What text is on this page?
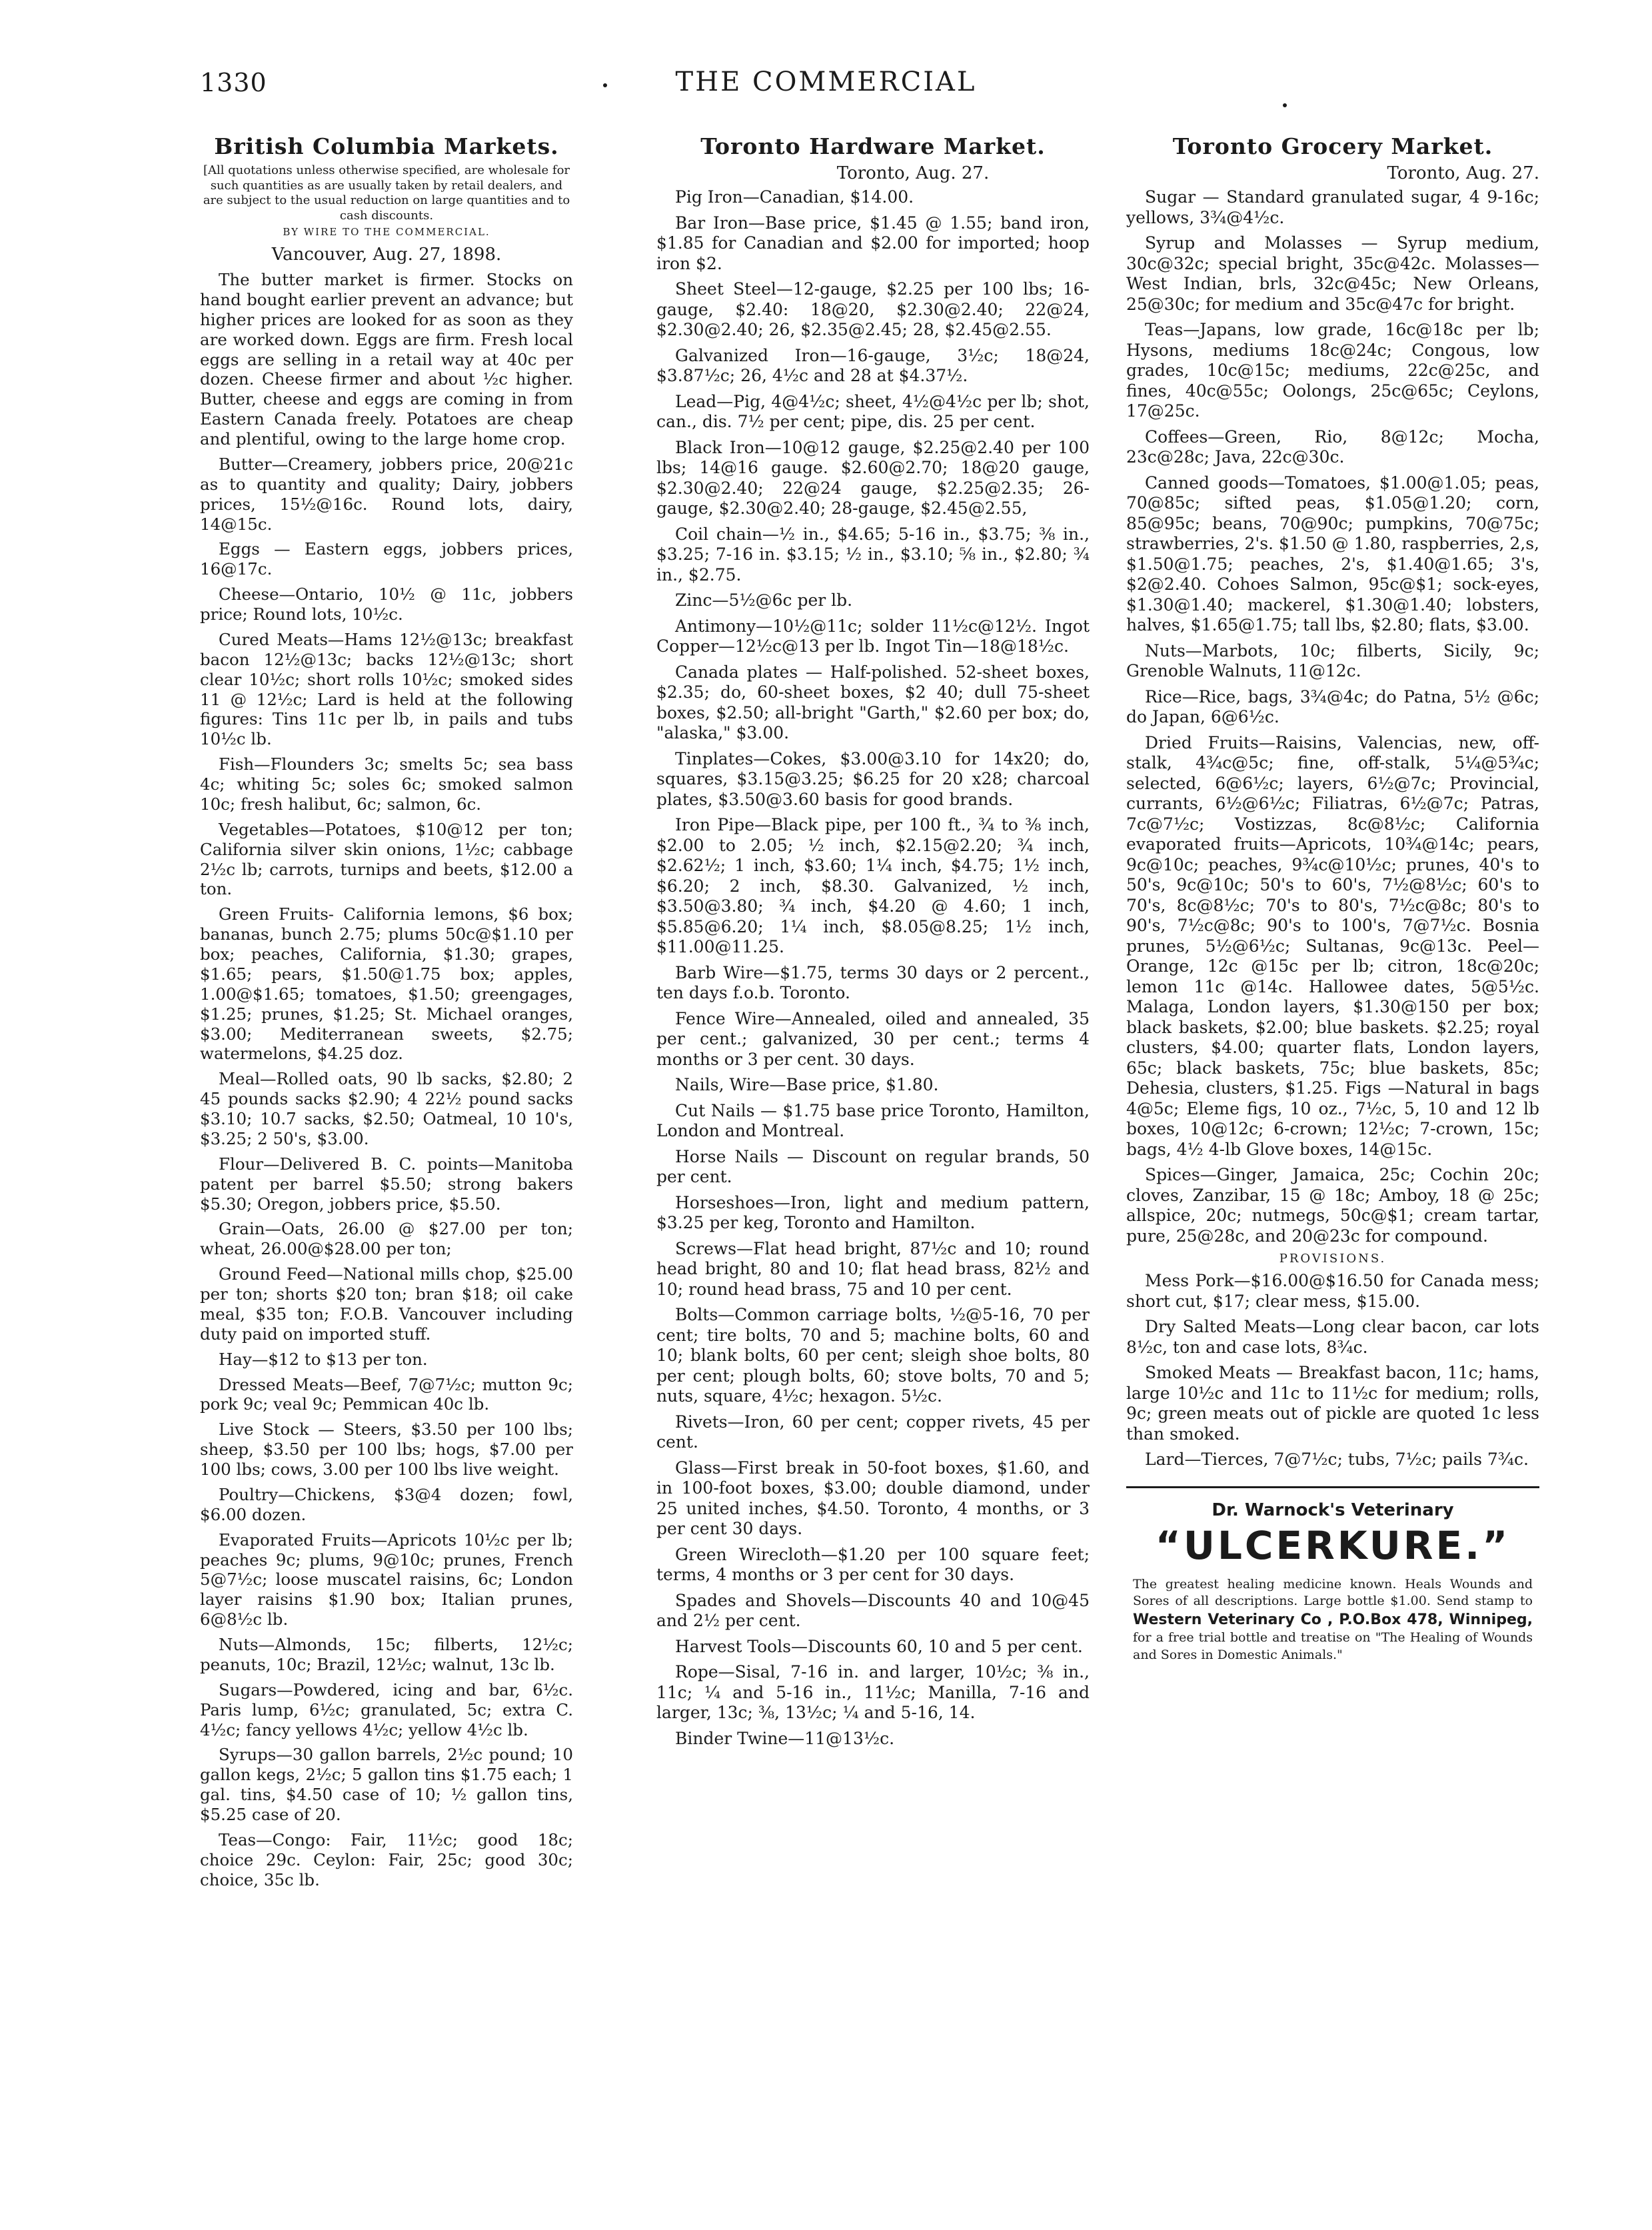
1330	THE COMMERCIAL
British Columbia Markets.
[All quotations unless otherwise specified, are wholesale for such quantities as are usually taken by retail dealers, and are subject to the usual reduction on large quantities and to cash discounts.
BY WIRE TO THE COMMERCIAL.
Vancouver, Aug. 27, 1898.

The butter market is firmer. Stocks on hand bought earlier prevent an advance; but higher prices are looked for as soon as they are worked down. Eggs are firm. Fresh local eggs are selling in a retail way at 40c per dozen. Cheese firmer and about ½c higher. Butter, cheese and eggs are coming in from Eastern Canada freely. Potatoes are cheap and plentiful, owing to the large home crop.

Butter—Creamery, jobbers price, 20@21c as to quantity and quality; Dairy, jobbers prices, 15½@16c. Round lots, dairy, 14@15c.

Eggs — Eastern eggs, jobbers prices, 16@17c.

Cheese—Ontario, 10½ @ 11c, jobbers price; Round lots, 10½c.

Cured Meats—Hams 12½@13c; breakfast bacon 12½@13c; backs 12½@13c; short clear 10½c; short rolls 10½c; smoked sides 11 @ 12½c; Lard is held at the following figures: Tins 11c per lb, in pails and tubs 10½c lb.

Fish—Flounders 3c; smelts 5c; sea bass 4c; whiting 5c; soles 6c; smoked salmon 10c; fresh halibut, 6c; salmon, 6c.

Vegetables—Potatoes, $10@12 per ton; California silver skin onions, 1½c; cabbage 2½c lb; carrots, turnips and beets, $12.00 a ton.

Green Fruits- California lemons, $6 box; bananas, bunch 2.75; plums 50c@$1.10 per box; peaches, California, $1.30; grapes, $1.65; pears, $1.50@1.75 box; apples, 1.00@$1.65; tomatoes, $1.50; greengages, $1.25; prunes, $1.25; St. Michael oranges, $3.00; Mediterranean sweets, $2.75; watermelons, $4.25 doz.

Meal—Rolled oats, 90 lb sacks, $2.80; 2 45 pounds sacks $2.90; 4 22½ pound sacks $3.10; 10.7 sacks, $2.50; Oatmeal, 10 10's, $3.25; 2 50's, $3.00.

Flour—Delivered B. C. points—Manitoba patent per barrel $5.50; strong bakers $5.30; Oregon, jobbers price, $5.50.

Grain—Oats, 26.00 @ $27.00 per ton; wheat, 26.00@$28.00 per ton;

Ground Feed—National mills chop, $25.00 per ton; shorts $20 ton; bran $18; oil cake meal, $35 ton; F.O.B. Vancouver including duty paid on imported stuff.

Hay—$12 to $13 per ton.

Dressed Meats—Beef, 7@7½c; mutton 9c; pork 9c; veal 9c; Pemmican 40c lb.

Live Stock — Steers, $3.50 per 100 lbs; sheep, $3.50 per 100 lbs; hogs, $7.00 per 100 lbs; cows, 3.00 per 100 lbs live weight.

Poultry—Chickens, $3@4 dozen; fowl, $6.00 dozen.

Evaporated Fruits—Apricots 10½c per lb; peaches 9c; plums, 9@10c; prunes, French 5@7½c; loose muscatel raisins, 6c; London layer raisins $1.90 box; Italian prunes, 6@8½c lb.

Nuts—Almonds, 15c; filberts, 12½c; peanuts, 10c; Brazil, 12½c; walnut, 13c lb.

Sugars—Powdered, icing and bar, 6½c. Paris lump, 6½c; granulated, 5c; extra C. 4½c; fancy yellows 4½c; yellow 4½c lb.

Syrups—30 gallon barrels, 2½c pound; 10 gallon kegs, 2½c; 5 gallon tins $1.75 each; 1 gal. tins, $4.50 case of 10; ½ gallon tins, $5.25 case of 20.

Teas—Congo: Fair, 11½c; good 18c; choice 29c. Ceylon: Fair, 25c; good 30c; choice, 35c lb.

Toronto Hardware Market.
Toronto, Aug. 27.

Pig Iron—Canadian, $14.00.

Bar Iron—Base price, $1.45 @ 1.55; band iron, $1.85 for Canadian and $2.00 for imported; hoop iron $2.

Sheet Steel—12-gauge, $2.25 per 100 lbs; 16-gauge, $2.40: 18@20, $2.30@2.40; 22@24, $2.30@2.40; 26, $2.35@2.45; 28, $2.45@2.55.

Galvanized Iron—16-gauge, 3½c; 18@24, $3.87½c; 26, 4½c and 28 at $4.37½.

Lead—Pig, 4@4½c; sheet, 4½@4½c per lb; shot, can., dis. 7½ per cent; pipe, dis. 25 per cent.

Black Iron—10@12 gauge, $2.25@2.40 per 100 lbs; 14@16 gauge. $2.60@2.70; 18@20 gauge, $2.30@2.40; 22@24 gauge, $2.25@2.35; 26-gauge, $2.30@2.40; 28-gauge, $2.45@2.55,

Coil chain—½ in., $4.65; 5-16 in., $3.75; ⅜ in., $3.25; 7-16 in. $3.15; ½ in., $3.10; ⅝ in., $2.80; ¾ in., $2.75.

Zinc—5½@6c per lb.

Antimony—10½@11c; solder 11½c@12½. Ingot Copper—12½c@13 per lb. Ingot Tin—18@18½c.

Canada plates — Half-polished. 52-sheet boxes, $2.35; do, 60-sheet boxes, $2 40; dull 75-sheet boxes, $2.50; all-bright "Garth," $2.60 per box; do, "alaska," $3.00.

Tinplates—Cokes, $3.00@3.10 for 14x20; do, squares, $3.15@3.25; $6.25 for 20 x28; charcoal plates, $3.50@3.60 basis for good brands.

Iron Pipe—Black pipe, per 100 ft., ¾ to ⅜ inch, $2.00 to 2.05; ½ inch, $2.15@2.20; ¾ inch, $2.62½; 1 inch, $3.60; 1¼ inch, $4.75; 1½ inch, $6.20; 2 inch, $8.30. Galvanized, ½ inch, $3.50@3.80; ¾ inch, $4.20 @ 4.60; 1 inch, $5.85@6.20; 1¼ inch, $8.05@8.25; 1½ inch, $11.00@11.25.

Barb Wire—$1.75, terms 30 days or 2 percent., ten days f.o.b. Toronto.

Fence Wire—Annealed, oiled and annealed, 35 per cent.; galvanized, 30 per cent.; terms 4 months or 3 per cent. 30 days.

Nails, Wire—Base price, $1.80.

Cut Nails — $1.75 base price Toronto, Hamilton, London and Montreal.

Horse Nails — Discount on regular brands, 50 per cent.

Horseshoes—Iron, light and medium pattern, $3.25 per keg, Toronto and Hamilton.

Screws—Flat head bright, 87½c and 10; round head bright, 80 and 10; flat head brass, 82½ and 10; round head brass, 75 and 10 per cent.

Bolts—Common carriage bolts, ½@5-16, 70 per cent; tire bolts, 70 and 5; machine bolts, 60 and 10; blank bolts, 60 per cent; sleigh shoe bolts, 80 per cent; plough bolts, 60; stove bolts, 70 and 5; nuts, square, 4½c; hexagon. 5½c.

Rivets—Iron, 60 per cent; copper rivets, 45 per cent.

Glass—First break in 50-foot boxes, $1.60, and in 100-foot boxes, $3.00; double diamond, under 25 united inches, $4.50. Toronto, 4 months, or 3 per cent 30 days.

Green Wirecloth—$1.20 per 100 square feet; terms, 4 months or 3 per cent for 30 days.

Spades and Shovels—Discounts 40 and 10@45 and 2½ per cent.

Harvest Tools—Discounts 60, 10 and 5 per cent.

Rope—Sisal, 7-16 in. and larger, 10½c; ⅜ in., 11c; ¼ and 5-16 in., 11½c; Manilla, 7-16 and larger, 13c; ⅜, 13½c; ¼ and 5-16, 14.

Binder Twine—11@13½c.

Toronto Grocery Market.
Toronto, Aug. 27.

Sugar — Standard granulated sugar, 4 9-16c; yellows, 3¾@4½c.

Syrup and Molasses — Syrup medium, 30c@32c; special bright, 35c@42c. Molasses—West Indian, brls, 32c@45c; New Orleans, 25@30c; for medium and 35c@47c for bright.

Teas—Japans, low grade, 16c@18c per lb; Hysons, mediums 18c@24c; Congous, low grades, 10c@15c; mediums, 22c@25c, and fines, 40c@55c; Oolongs, 25c@65c; Ceylons, 17@25c.

Coffees—Green, Rio, 8@12c; Mocha, 23c@28c; Java, 22c@30c.

Canned goods—Tomatoes, $1.00@1.05; peas, 70@85c; sifted peas, $1.05@1.20; corn, 85@95c; beans, 70@90c; pumpkins, 70@75c; strawberries, 2's. $1.50 @ 1.80, raspberries, 2,s, $1.50@1.75; peaches, 2's, $1.40@1.65; 3's, $2@2.40. Cohoes Salmon, 95c@$1; sock-eyes, $1.30@1.40; mackerel, $1.30@1.40; lobsters, halves, $1.65@1.75; tall lbs, $2.80; flats, $3.00.

Nuts—Marbots, 10c; filberts, Sicily, 9c; Grenoble Walnuts, 11@12c.

Rice—Rice, bags, 3¾@4c; do Patna, 5½ @6c; do Japan, 6@6½c.

Dried Fruits—Raisins, Valencias, new, off-stalk, 4¾c@5c; fine, off-stalk, 5¼@5¾c; selected, 6@6½c; layers, 6½@7c; Provincial, currants, 6½@6½c; Filiatras, 6½@7c; Patras, 7c@7½c; Vostizzas, 8c@8½c; California evaporated fruits—Apricots, 10¾@14c; pears, 9c@10c; peaches, 9¾c@10½c; prunes, 40's to 50's, 9c@10c; 50's to 60's, 7½@8½c; 60's to 70's, 8c@8½c; 70's to 80's, 7½c@8c; 80's to 90's, 7½c@8c; 90's to 100's, 7@7½c. Bosnia prunes, 5½@6½c; Sultanas, 9c@13c. Peel—Orange, 12c @15c per lb; citron, 18c@20c; lemon 11c @14c. Hallowee dates, 5@5½c. Malaga, London layers, $1.30@150 per box; black baskets, $2.00; blue baskets. $2.25; royal clusters, $4.00; quarter flats, London layers, 65c; black baskets, 75c; blue baskets, 85c; Dehesia, clusters, $1.25. Figs —Natural in bags 4@5c; Eleme figs, 10 oz., 7½c, 5, 10 and 12 lb boxes, 10@12c; 6-crown; 12½c; 7-crown, 15c; bags, 4½ 4-lb Glove boxes, 14@15c.

Spices—Ginger, Jamaica, 25c; Cochin 20c; cloves, Zanzibar, 15 @ 18c; Amboy, 18 @ 25c; allspice, 20c; nutmegs, 50c@$1; cream tartar, pure, 25@28c, and 20@23c for compound.

PROVISIONS.

Mess Pork—$16.00@$16.50 for Canada mess; short cut, $17; clear mess, $15.00.

Dry Salted Meats—Long clear bacon, car lots 8½c, ton and case lots, 8¾c.

Smoked Meats — Breakfast bacon, 11c; hams, large 10½c and 11c to 11½c for medium; rolls, 9c; green meats out of pickle are quoted 1c less than smoked.

Lard—Tierces, 7@7½c; tubs, 7½c; pails 7¾c.

Dr. Warnock's Veterinary
“ULCERKURE.”

The greatest healing medicine known. Heals Wounds and Sores of all descriptions. Large bottle $1.00. Send stamp to Western Veterinary Co , P.O.Box 478, Winnipeg, for a free trial bottle and treatise on "The Healing of Wounds and Sores in Domestic Animals."
